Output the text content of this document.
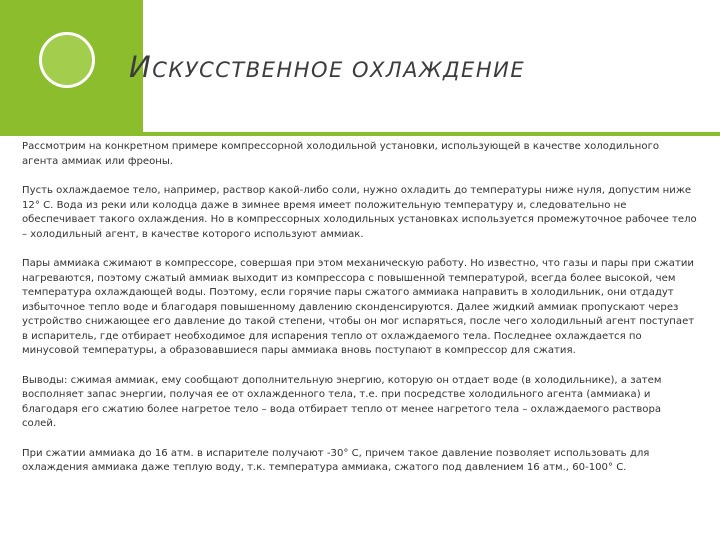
ИСКУССТВЕННОЕ ОХЛАЖДЕНИЕ

Рассмотрим на конкретном примере компрессорной холодильной установки, использующей в качестве холодильного агента аммиак или фреоны.

Пусть охлаждаемое тело, например, раствор какой-либо соли, нужно охладить до температуры ниже нуля, допустим ниже 12° С. Вода из реки или колодца даже в зимнее время имеет положительную температуру и, следовательно не обеспечивает такого охлаждения. Но в компрессорных холодильных установках используется промежуточное рабочее тело – холодильный агент, в качестве которого используют аммиак.

Пары аммиака сжимают в компрессоре, совершая при этом механическую работу. Но известно, что газы и пары при сжатии нагреваются, поэтому сжатый аммиак выходит из компрессора с повышенной температурой, всегда более высокой, чем температура охлаждающей воды. Поэтому, если горячие пары сжатого аммиака направить в холодильник, они отдадут избыточное тепло воде и благодаря повышенному давлению сконденсируются. Далее жидкий аммиак пропускают через устройство снижающее его давление до такой степени, чтобы он мог испаряться, после чего холодильный агент поступает в испаритель, где отбирает необходимое для испарения тепло от охлаждаемого тела. Последнее охлаждается по минусовой температуры, а образовавшиеся пары аммиака вновь поступают в компрессор для сжатия.

Выводы: сжимая аммиак, ему сообщают дополнительную энергию, которую он отдает воде (в холодильнике), а затем восполняет запас энергии, получая ее от охлажденного тела, т.е. при посредстве холодильного агента (аммиака) и благодаря его сжатию более нагретое тело – вода отбирает тепло от менее нагретого тела – охлаждаемого раствора солей.

При сжатии аммиака до 16 атм. в испарителе получают -30° С, причем такое давление позволяет использовать для охлаждения аммиака даже теплую воду, т.к. температура аммиака, сжатого под давлением 16 атм., 60-100° С.
